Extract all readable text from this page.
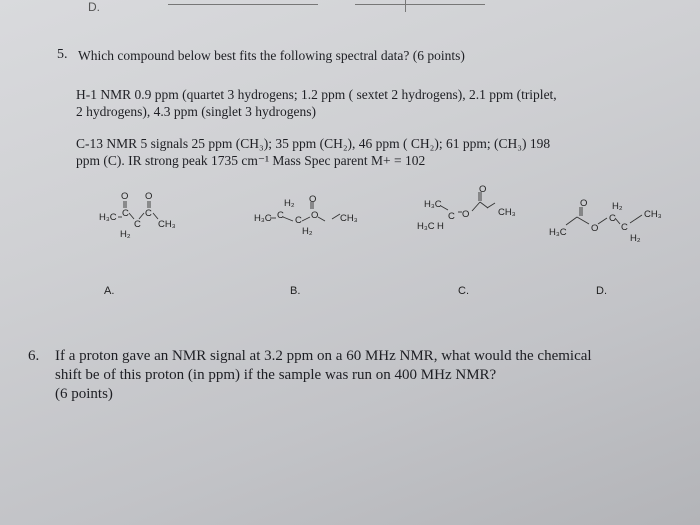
D.
5. Which compound below best fits the following spectral data? (6 points)
H-1 NMR 0.9 ppm (quartet 3 hydrogens; 1.2 ppm ( sextet 2 hydrogens), 2.1 ppm (triplet,
2 hydrogens), 4.3 ppm (singlet 3 hydrogens)
C-13 NMR 5 signals 25 ppm (CH₃); 35 ppm (CH₂), 46 ppm ( CH₂); 61 ppm; (CH₃) 198
ppm (C). IR strong peak 1735 cm⁻¹ Mass Spec parent M+ = 102
H₃C C
O
C
H₂
C
O
CH₃
A.
H₃C C
H₂
C
H₂
O
O
CH₃
B.
H₃C
H₃C H
C O
O
CH₃
C.
H₃C	O
O
C
H₂
C
H₂
CH₃
D.
6. If a proton gave an NMR signal at 3.2 ppm on a 60 MHz NMR, what would the chemical
shift be of this proton (in ppm) if the sample was run on 400 MHz NMR?
(6 points)
